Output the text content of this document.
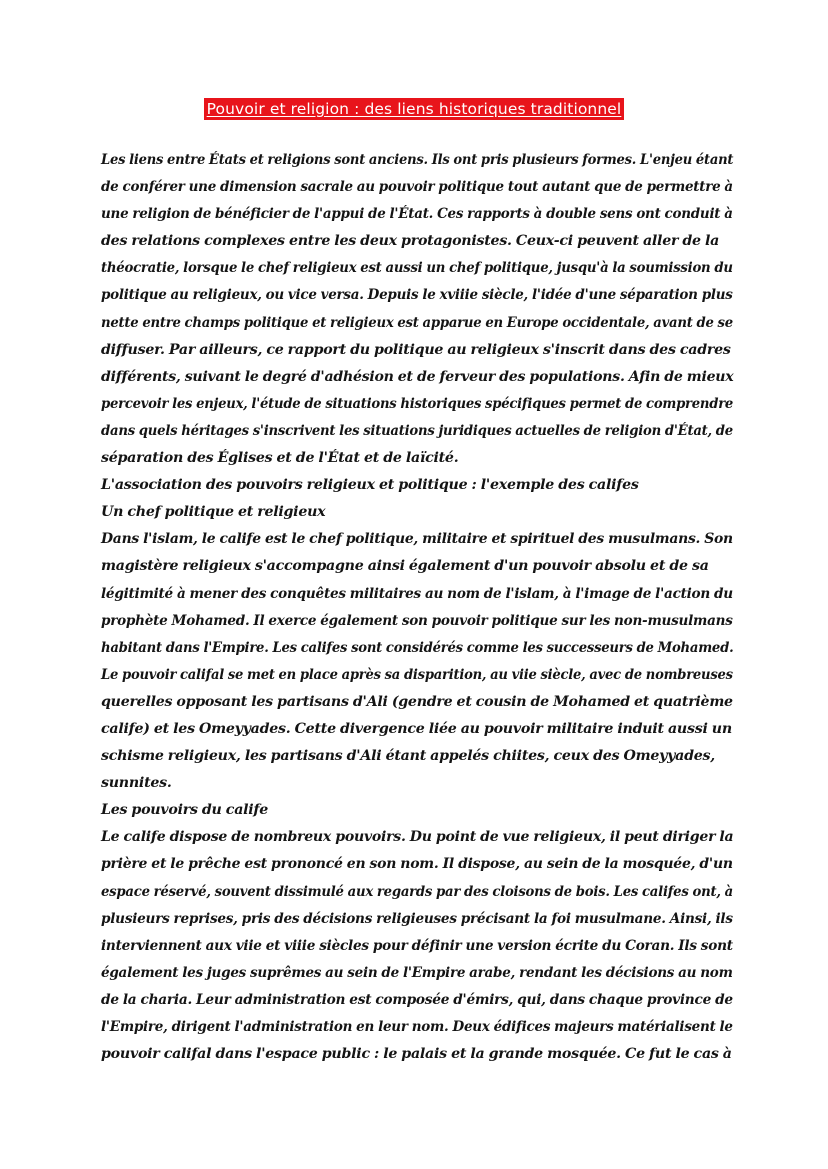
Pouvoir et religion : des liens historiques traditionnel
Les liens entre États et religions sont anciens. Ils ont pris plusieurs formes. L'enjeu étant
de conférer une dimension sacrale au pouvoir politique tout autant que de permettre à
une religion de bénéficier de l'appui de l'État. Ces rapports à double sens ont conduit à
des relations complexes entre les deux protagonistes. Ceux-ci peuvent aller de la
théocratie, lorsque le chef religieux est aussi un chef politique, jusqu'à la soumission du
politique au religieux, ou vice versa. Depuis le xviiie siècle, l'idée d'une séparation plus
nette entre champs politique et religieux est apparue en Europe occidentale, avant de se
diffuser. Par ailleurs, ce rapport du politique au religieux s'inscrit dans des cadres
différents, suivant le degré d'adhésion et de ferveur des populations. Afin de mieux
percevoir les enjeux, l'étude de situations historiques spécifiques permet de comprendre
dans quels héritages s'inscrivent les situations juridiques actuelles de religion d'État, de
séparation des Églises et de l'État et de laïcité.
L'association des pouvoirs religieux et politique : l'exemple des califes
Un chef politique et religieux
Dans l'islam, le calife est le chef politique, militaire et spirituel des musulmans. Son
magistère religieux s'accompagne ainsi également d'un pouvoir absolu et de sa
légitimité à mener des conquêtes militaires au nom de l'islam, à l'image de l'action du
prophète Mohamed. Il exerce également son pouvoir politique sur les non-musulmans
habitant dans l'Empire. Les califes sont considérés comme les successeurs de Mohamed.
Le pouvoir califal se met en place après sa disparition, au viie siècle, avec de nombreuses
querelles opposant les partisans d'Ali (gendre et cousin de Mohamed et quatrième
calife) et les Omeyyades. Cette divergence liée au pouvoir militaire induit aussi un
schisme religieux, les partisans d'Ali étant appelés chiites, ceux des Omeyyades,
sunnites.
Les pouvoirs du calife
Le calife dispose de nombreux pouvoirs. Du point de vue religieux, il peut diriger la
prière et le prêche est prononcé en son nom. Il dispose, au sein de la mosquée, d'un
espace réservé, souvent dissimulé aux regards par des cloisons de bois. Les califes ont, à
plusieurs reprises, pris des décisions religieuses précisant la foi musulmane. Ainsi, ils
interviennent aux viie et viiie siècles pour définir une version écrite du Coran. Ils sont
également les juges suprêmes au sein de l'Empire arabe, rendant les décisions au nom
de la charia. Leur administration est composée d'émirs, qui, dans chaque province de
l'Empire, dirigent l'administration en leur nom. Deux édifices majeurs matérialisent le
pouvoir califal dans l'espace public : le palais et la grande mosquée. Ce fut le cas à
